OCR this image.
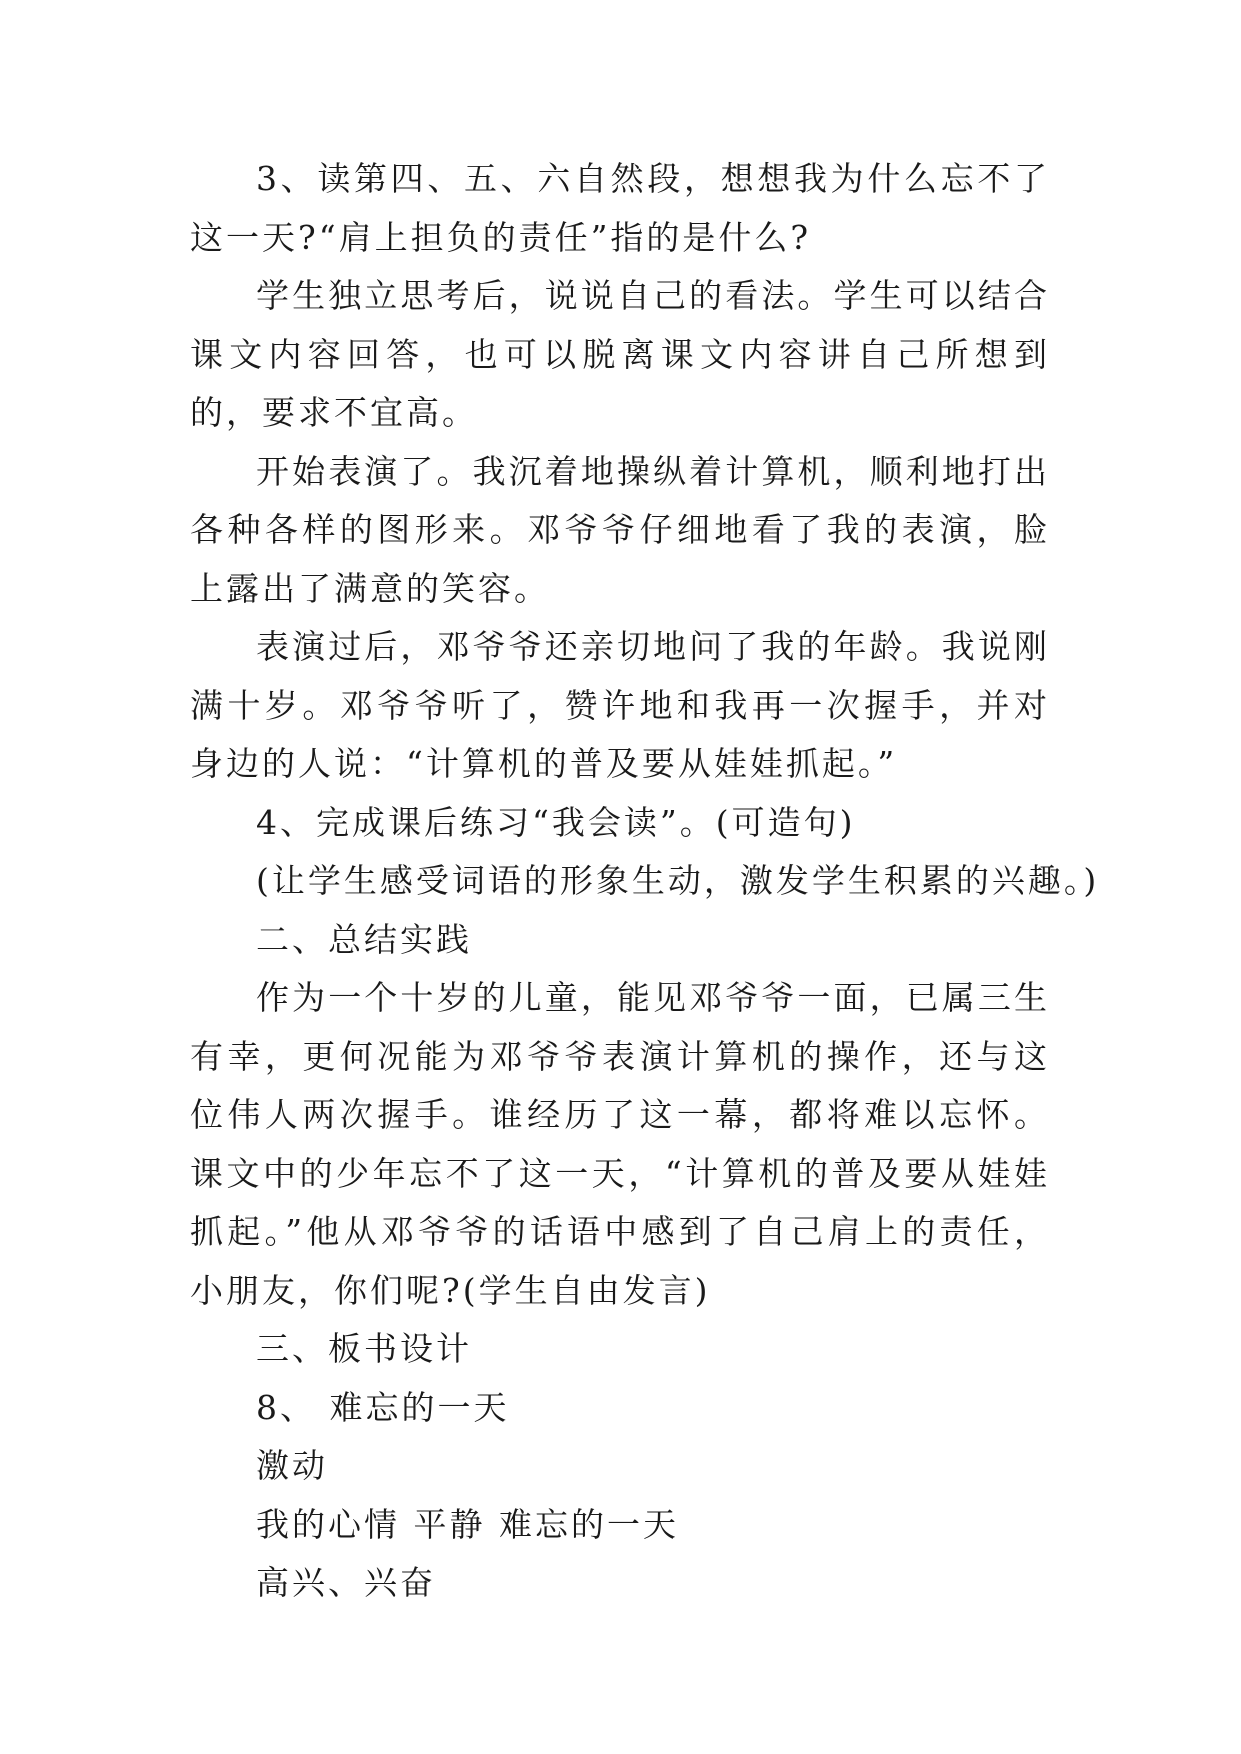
3、读第四、五、六自然段，想想我为什么忘不了这一天?“肩上担负的责任”指的是什么?

学生独立思考后，说说自己的看法。学生可以结合课文内容回答，也可以脱离课文内容讲自己所想到的，要求不宜高。

开始表演了。我沉着地操纵着计算机，顺利地打出各种各样的图形来。邓爷爷仔细地看了我的表演，脸上露出了满意的笑容。

表演过后，邓爷爷还亲切地问了我的年龄。我说刚满十岁。邓爷爷听了，赞许地和我再一次握手，并对身边的人说：“计算机的普及要从娃娃抓起。”

4、完成课后练习“我会读”。(可造句)

(让学生感受词语的形象生动，激发学生积累的兴趣。)

二、总结实践

作为一个十岁的儿童，能见邓爷爷一面，已属三生有幸，更何况能为邓爷爷表演计算机的操作，还与这位伟人两次握手。谁经历了这一幕，都将难以忘怀。课文中的少年忘不了这一天，“计算机的普及要从娃娃抓起。”他从邓爷爷的话语中感到了自己肩上的责任，小朋友，你们呢?(学生自由发言)

三、板书设计

8、 难忘的一天

激动

我的心情 平静 难忘的一天

高兴、兴奋
